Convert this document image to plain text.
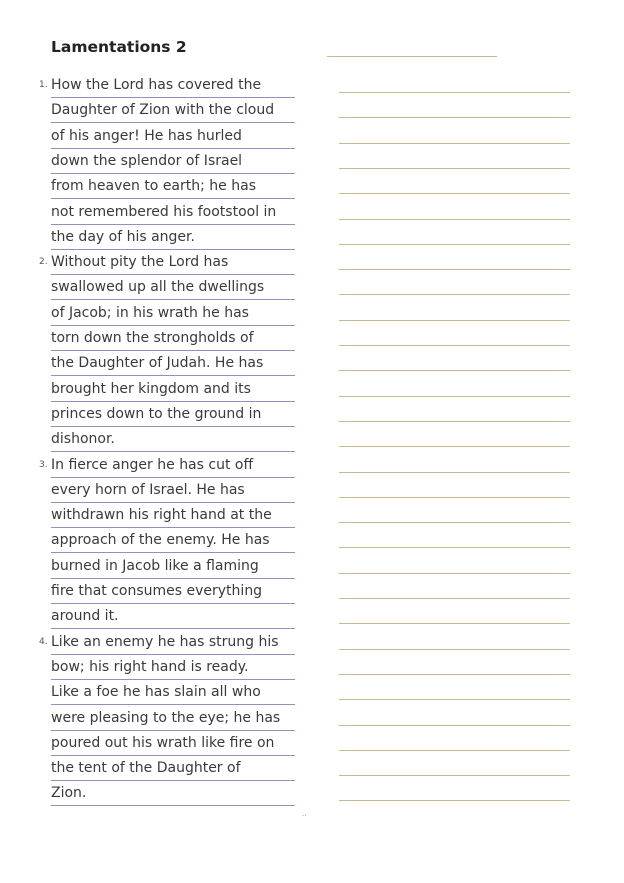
Lamentations 2
1. How the Lord has covered the
Daughter of Zion with the cloud
of his anger! He has hurled
down the splendor of Israel
from heaven to earth; he has
not remembered his footstool in
the day of his anger.
2. Without pity the Lord has
swallowed up all the dwellings
of Jacob; in his wrath he has
torn down the strongholds of
the Daughter of Judah. He has
brought her kingdom and its
princes down to the ground in
dishonor.
3. In fierce anger he has cut off
every horn of Israel. He has
withdrawn his right hand at the
approach of the enemy. He has
burned in Jacob like a flaming
fire that consumes everything
around it.
4. Like an enemy he has strung his
bow; his right hand is ready.
Like a foe he has slain all who
were pleasing to the eye; he has
poured out his wrath like fire on
the tent of the Daughter of
Zion.
··
